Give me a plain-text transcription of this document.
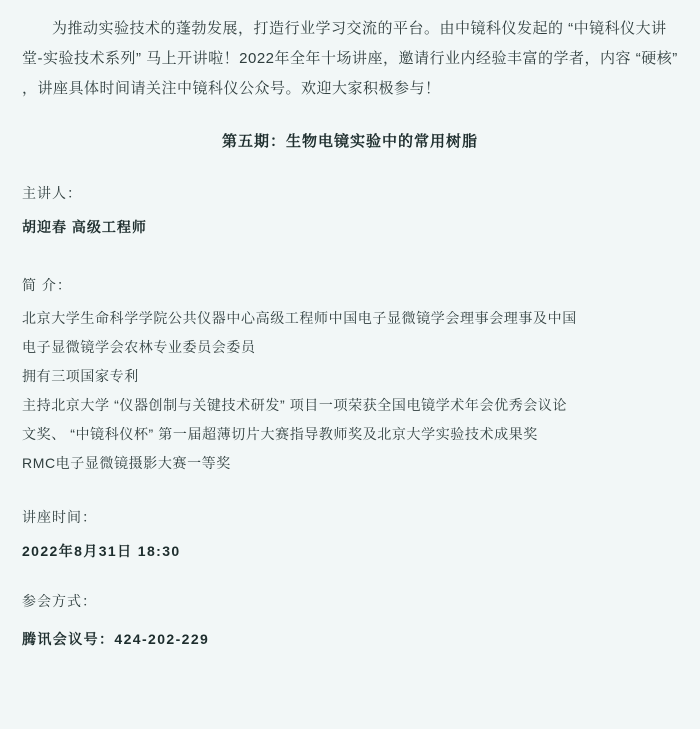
为推动实验技术的蓬勃发展，打造行业学习交流的平台。由中镜科仪发起的 “中镜科仪大讲堂-实验技术系列” 马上开讲啦！2022年全年十场讲座，邀请行业内经验丰富的学者，内容 “硬核” ，讲座具体时间请关注中镜科仪公众号。欢迎大家积极参与！

第五期：生物电镜实验中的常用树脂

主讲人：

胡迎春 高级工程师

简 介：

北京大学生命科学学院公共仪器中心高级工程师中国电子显微镜学会理事会理事及中国

电子显微镜学会农林专业委员会委员

拥有三项国家专利

主持北京大学 “仪器创制与关键技术研发” 项目一项荣获全国电镜学术年会优秀会议论

文奖、 “中镜科仪杯” 第一届超薄切片大赛指导教师奖及北京大学实验技术成果奖

RMC电子显微镜摄影大赛一等奖

讲座时间：

2022年8月31日 18:30

参会方式：

腾讯会议号：424-202-229
